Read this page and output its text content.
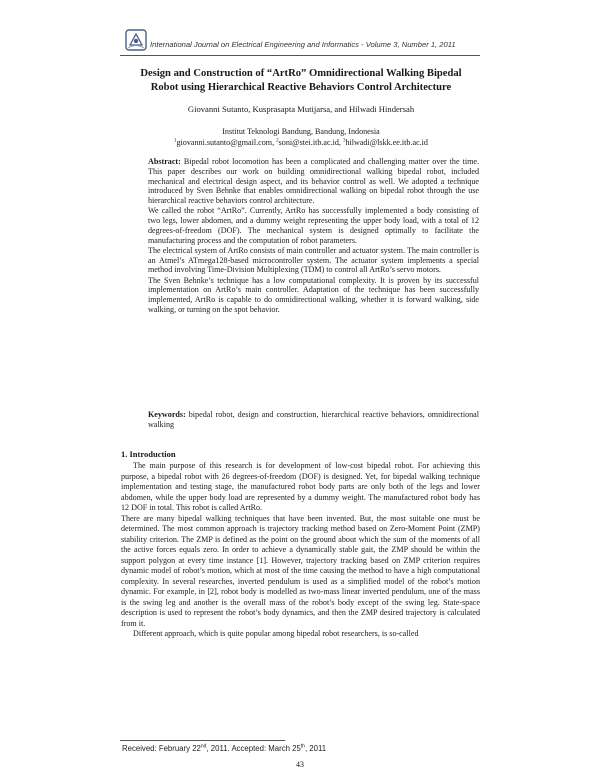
International Journal on Electrical Engineering and Informatics - Volume 3, Number 1, 2011
Design and Construction of “ArtRo” Omnidirectional Walking Bipedal
Robot using Hierarchical Reactive Behaviors Control Architecture
Giovanni Sutanto, Kusprasapta Mutijarsa, and Hilwadi Hindersah
Institut Teknologi Bandung, Bandung, Indonesia
$^1$giovanni.sutanto@gmail.com, $^2$soni@stei.itb.ac.id, $^3$hilwadi@lskk.ee.itb.ac.id

Abstract: Bipedal robot locomotion has been a complicated and challenging matter over the time. This paper describes our work on building omnidirectional walking bipedal robot, included mechanical and electrical design aspect, and its behavior control as well. We adopted a technique introduced by Sven Behnke that enables omnidirectional walking on bipedal robot through the use hierarchical reactive behaviors control architecture.

We called the robot “ArtRo”. Currently, ArtRo has successfully implemented a body consisting of two legs, lower abdomen, and a dummy weight representing the upper body load, with a total of 12 degrees-of-freedom (DOF). The mechanical system is designed optimally to facilitate the manufacturing process and the computation of robot parameters.

The electrical system of ArtRo consists of main controller and actuator system. The main controller is an Atmel’s ATmega128-based microcontroller system. The actuator system implements a special method involving Time-Division Multiplexing (TDM) to control all ArtRo’s servo motors.

The Sven Behnke’s technique has a low computational complexity. It is proven by its successful implementation on ArtRo’s main controller. Adaptation of the technique has been successfully implemented, ArtRo is capable to do omnidirectional walking, whether it is forward walking, side walking, or turning on the spot behavior.

Keywords: bipedal robot, design and construction, hierarchical reactive behaviors, omnidirectional walking
1. Introduction

The main purpose of this research is for development of low-cost bipedal robot. For achieving this purpose, a bipedal robot with 26 degrees-of-freedom (DOF) is designed. Yet, for bipedal walking technique implementation and testing stage, the manufactured robot body parts are only both of the legs and lower abdomen, while the upper body load are represented by a dummy weight. The manufactured robot body has 12 DOF in total. This robot is called ArtRo.

There are many bipedal walking techniques that have been invented. But, the most suitable one must be determined. The most common approach is trajectory tracking method based on Zero-Moment Point (ZMP) stability criterion. The ZMP is defined as the point on the ground about which the sum of the moments of all the active forces equals zero. In order to achieve a dynamically stable gait, the ZMP should be within the support polygon at every time instance [1]. However, trajectory tracking based on ZMP criterion requires dynamic model of robot’s motion, which at most of the time causing the method to have a high computational complexity. In several researches, inverted pendulum is used as a simplified model of the robot’s motion dynamic. For example, in [2], robot body is modelled as two-mass linear inverted pendulum, one of the mass is the swing leg and another is the overall mass of the robot’s body except of the swing leg. State-space description is used to represent the robot’s body dynamics, and then the ZMP desired trajectory is calculated from it.

Different approach, which is quite popular among bipedal robot researchers, is so-called

Received: February 22nd, 2011. Accepted: March 25th, 2011
43
